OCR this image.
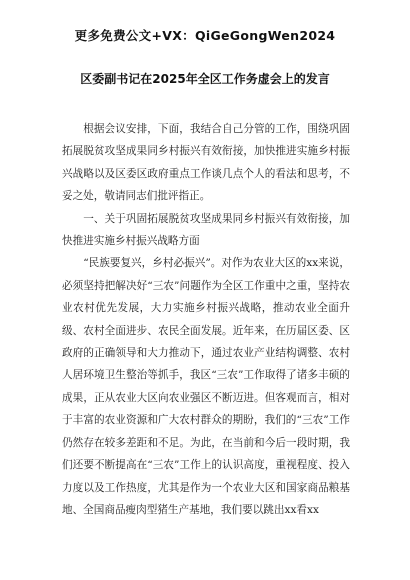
更多免费公文+VX：QiGeGongWen2024
区委副书记在2025年全区工作务虚会上的发言

根据会议安排，下面，我结合自己分管的工作，围绕巩固拓展脱贫攻坚成果同乡村振兴有效衔接，加快推进实施乡村振兴战略以及区委区政府重点工作谈几点个人的看法和思考，不妥之处，敬请同志们批评指正。

一、关于巩固拓展脱贫攻坚成果同乡村振兴有效衔接，加快推进实施乡村振兴战略方面

“民族要复兴，乡村必振兴”。对作为农业大区的xx来说，必须坚持把解决好“三农”问题作为全区工作重中之重，坚持农业农村优先发展，大力实施乡村振兴战略，推动农业全面升级、农村全面进步、农民全面发展。近年来，在历届区委、区政府的正确领导和大力推动下，通过农业产业结构调整、农村人居环境卫生整治等抓手，我区“三农”工作取得了诸多丰硕的成果，正从农业大区向农业强区不断迈进。但客观而言，相对于丰富的农业资源和广大农村群众的期盼，我们的“三农”工作仍然存在较多差距和不足。为此，在当前和今后一段时期，我们还要不断提高在“三农”工作上的认识高度，重视程度、投入力度以及工作热度，尤其是作为一个农业大区和国家商品粮基地、全国商品瘦肉型猪生产基地，我们要以跳出xx看xx
